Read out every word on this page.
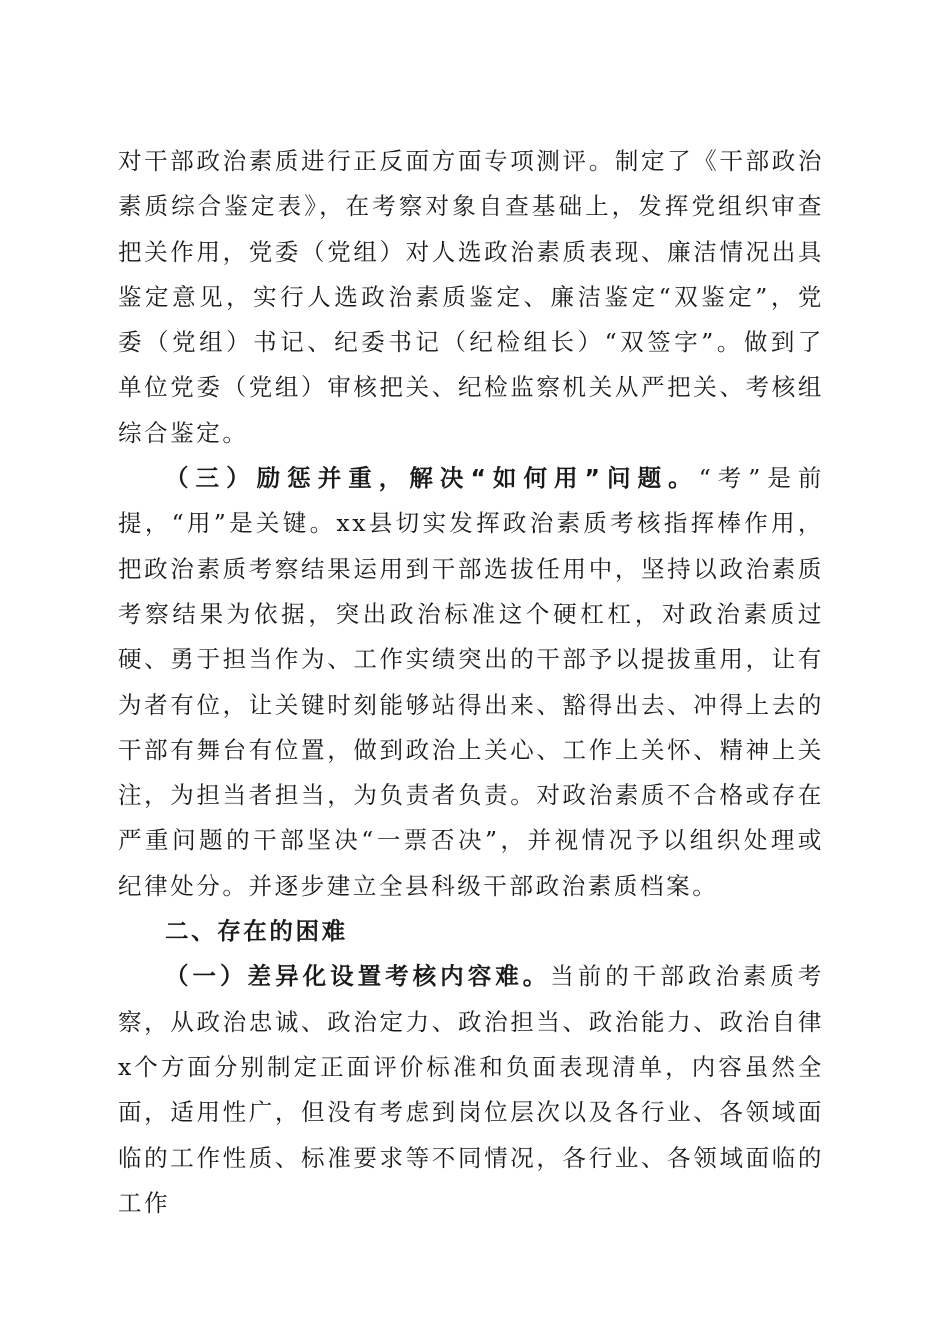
对干部政治素质进行正反面方面专项测评。制定了《干部政治素质综合鉴定表》，在考察对象自查基础上，发挥党组织审查把关作用，党委（党组）对人选政治素质表现、廉洁情况出具鉴定意见，实行人选政治素质鉴定、廉洁鉴定“双鉴定”，党委（党组）书记、纪委书记（纪检组长）“双签字”。做到了单位党委（党组）审核把关、纪检监察机关从严把关、考核组综合鉴定。

（三）励惩并重，解决“如何用”问题。“考”是前提，“用”是关键。xx县切实发挥政治素质考核指挥棒作用，把政治素质考察结果运用到干部选拔任用中，坚持以政治素质考察结果为依据，突出政治标准这个硬杠杠，对政治素质过硬、勇于担当作为、工作实绩突出的干部予以提拔重用，让有为者有位，让关键时刻能够站得出来、豁得出去、冲得上去的干部有舞台有位置，做到政治上关心、工作上关怀、精神上关注，为担当者担当，为负责者负责。对政治素质不合格或存在严重问题的干部坚决“一票否决”，并视情况予以组织处理或纪律处分。并逐步建立全县科级干部政治素质档案。

二、存在的困难

（一）差异化设置考核内容难。当前的干部政治素质考察，从政治忠诚、政治定力、政治担当、政治能力、政治自律x个方面分别制定正面评价标准和负面表现清单，内容虽然全面，适用性广，但没有考虑到岗位层次以及各行业、各领域面临的工作性质、标准要求等不同情况，各行业、各领域面临的工作
